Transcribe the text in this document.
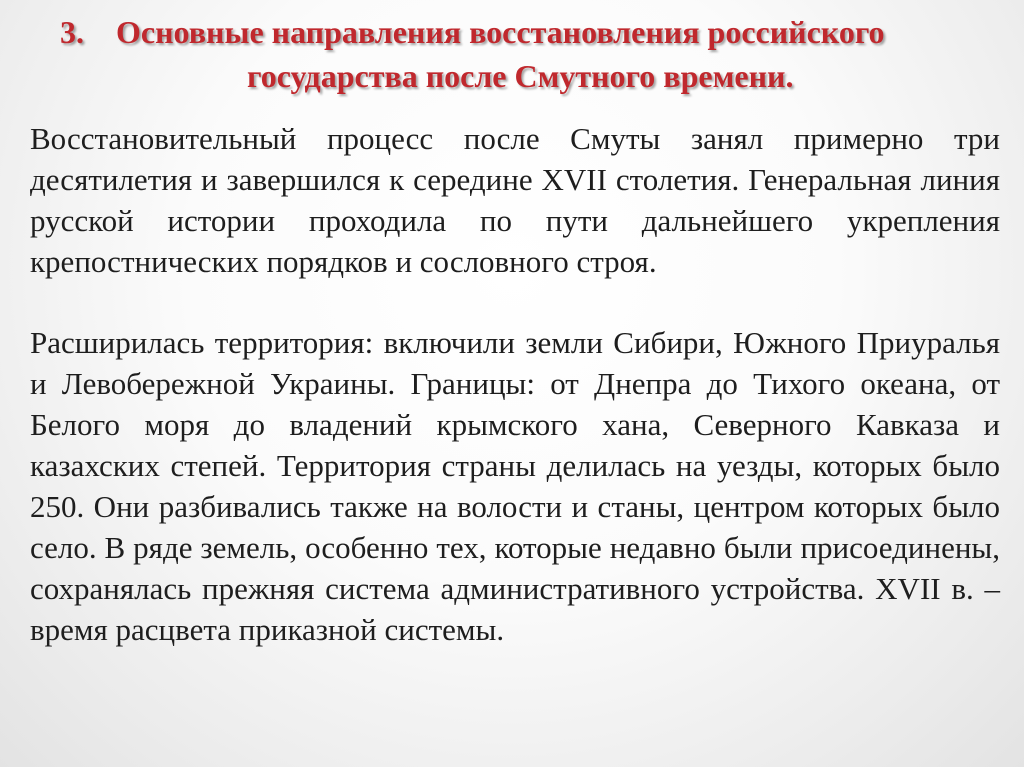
3.	Основные направления восстановления российского
государства после Смутного времени.

Восстановительный процесс после Смуты занял примерно три десятилетия и завершился к середине XVII столетия. Генеральная линия русской истории проходила по пути дальнейшего укрепления крепостнических порядков и сословного строя.

Расширилась территория: включили земли Сибири, Южного Приуралья и Левобережной Украины. Границы: от Днепра до Тихого океана, от Белого моря до владений крымского хана, Северного Кавказа и казахских степей. Территория страны делилась на уезды, которых было 250. Они разбивались также на волости и станы, центром которых было село. В ряде земель, особенно тех, которые недавно были присоединены, сохранялась прежняя система административного устройства. XVII в. – время расцвета приказной системы.
